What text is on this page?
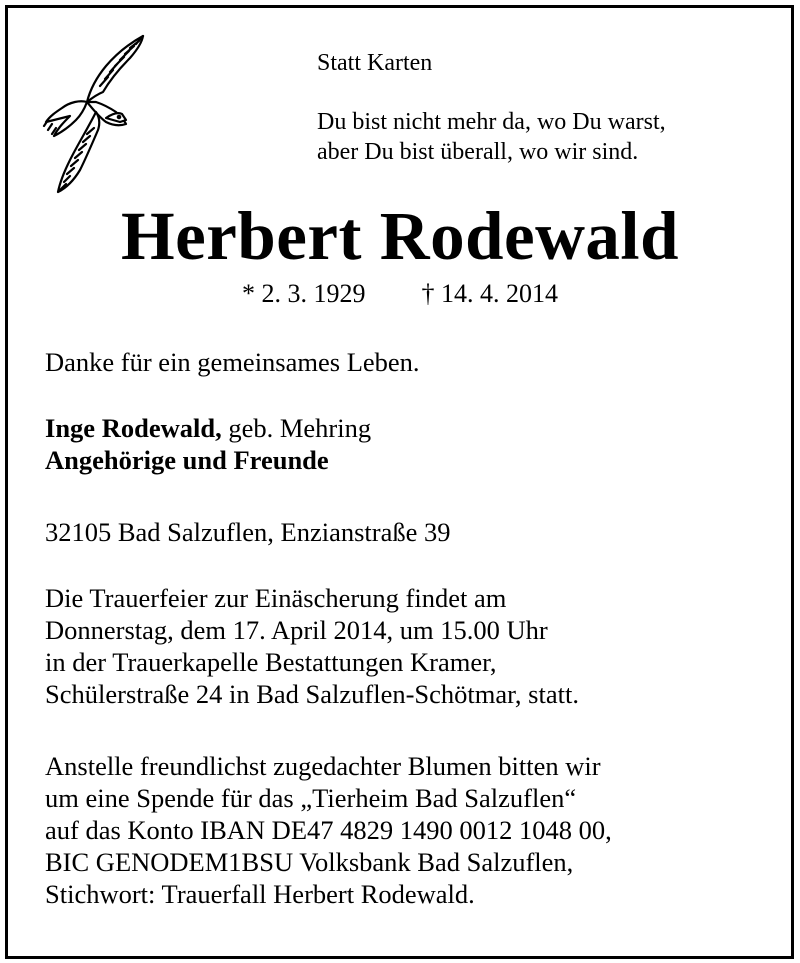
Statt Karten
Du bist nicht mehr da, wo Du warst,
aber Du bist überall, wo wir sind.
Herbert Rodewald
* 2. 3. 1929 † 14. 4. 2014
Danke für ein gemeinsames Leben.
Inge Rodewald, geb. Mehring
Angehörige und Freunde
32105 Bad Salzuflen, Enzianstraße 39
Die Trauerfeier zur Einäscherung findet am
Donnerstag, dem 17. April 2014, um 15.00 Uhr
in der Trauerkapelle Bestattungen Kramer,
Schülerstraße 24 in Bad Salzuflen-Schötmar, statt.
Anstelle freundlichst zugedachter Blumen bitten wir
um eine Spende für das „Tierheim Bad Salzuflen“
auf das Konto IBAN DE47 4829 1490 0012 1048 00,
BIC GENODEM1BSU Volksbank Bad Salzuflen,
Stichwort: Trauerfall Herbert Rodewald.
